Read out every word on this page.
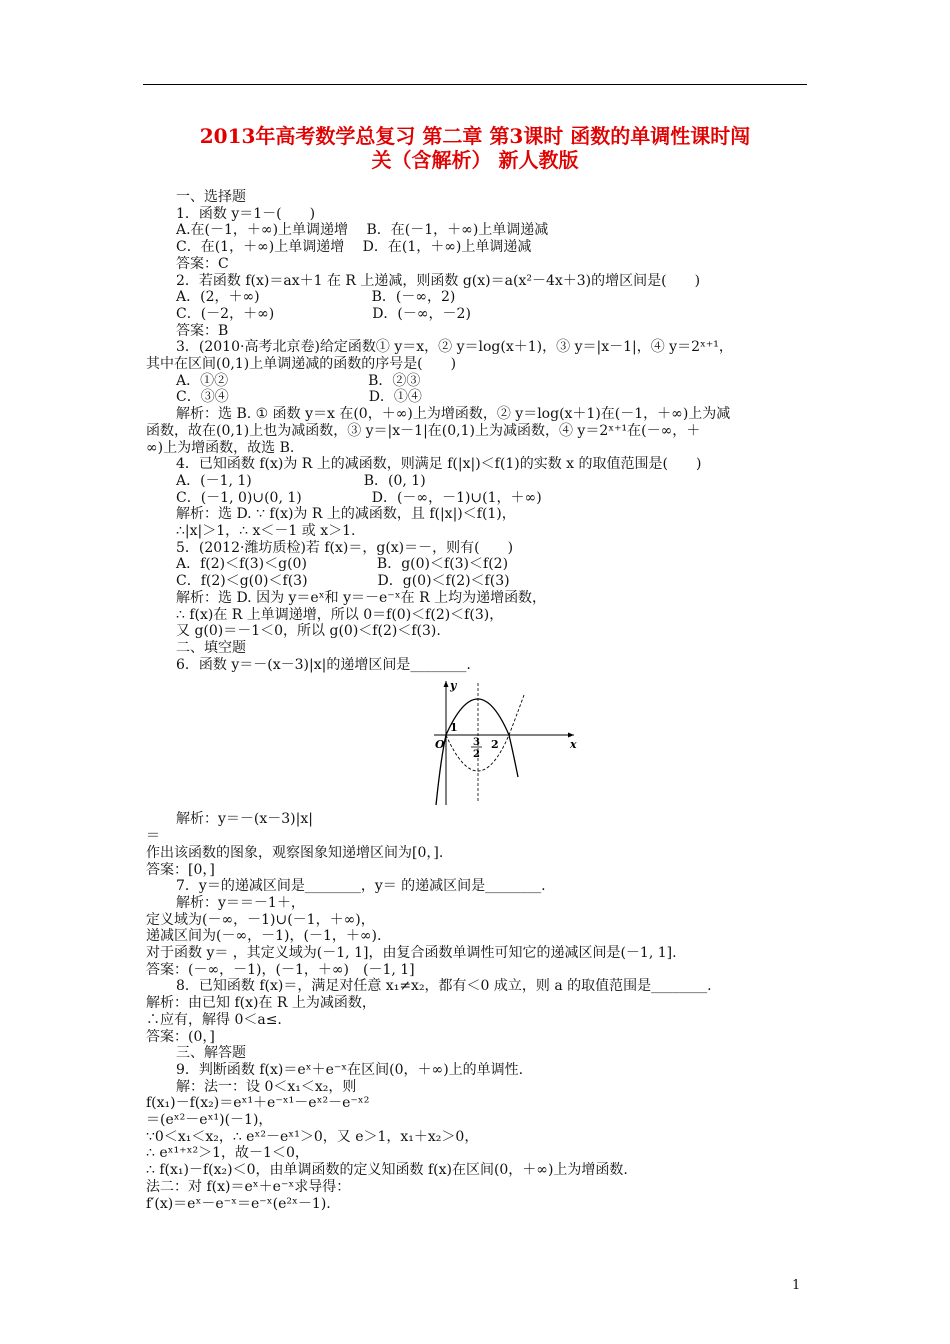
2013年高考数学总复习 第二章 第3课时 函数的单调性课时闯
关（含解析） 新人教版
一、选择题
1．函数 y＝1－(　　)
A.在(－1，＋∞)上单调递增　 B．在(－1，＋∞)上单调递减
C．在(1，＋∞)上单调递增　 D．在(1，＋∞)上单调递减
答案：C
2．若函数 f(x)＝ax＋1 在 R 上递减，则函数 g(x)＝a(x²－4x＋3)的增区间是(　　)
A．(2，＋∞)　　　　　　　　B．(－∞，2)
C．(－2，＋∞)　　　　　　　D．(－∞，－2)
答案：B
3．(2010·高考北京卷)给定函数① y＝x，② y＝log(x＋1)，③ y＝|x－1|，④ y＝2ˣ⁺¹，
其中在区间(0,1)上单调递减的函数的序号是(　　)
A．①②　　　　　　　　　　B．②③
C．③④　　　　　　　　　　D．①④
解析：选 B. ① 函数 y＝x 在(0，＋∞)上为增函数，② y＝log(x＋1)在(－1，＋∞)上为减
函数，故在(0,1)上也为减函数，③ y＝|x－1|在(0,1)上为减函数，④ y＝2ˣ⁺¹在(－∞，＋
∞)上为增函数，故选 B.
4．已知函数 f(x)为 R 上的减函数，则满足 f(|x|)＜f(1)的实数 x 的取值范围是(　　)
A．(－1, 1)　　　　　　　　B．(0, 1)
C．(－1, 0)∪(0, 1)　　　　　D．(－∞，－1)∪(1，＋∞)
解析：选 D. ∵ f(x)为 R 上的减函数，且 f(|x|)＜f(1)，
∴|x|＞1，∴ x＜－1 或 x＞1.
5．(2012·潍坊质检)若 f(x)＝，g(x)＝－，则有(　　)
A．f(2)＜f(3)＜g(0)　　　　　B．g(0)＜f(3)＜f(2)
C．f(2)＜g(0)＜f(3)　　　　　D．g(0)＜f(2)＜f(3)
解析：选 D. 因为 y＝eˣ和 y＝－e⁻ˣ在 R 上均为递增函数，
∴ f(x)在 R 上单调递增，所以 0＝f(0)＜f(2)＜f(3)，
又 g(0)＝－1＜0，所以 g(0)＜f(2)＜f(3).
二、填空题
6．函数 y＝－(x－3)|x|的递增区间是________.
y
x
O
1
2
3
2
解析：y＝－(x－3)|x|
＝
作出该函数的图象，观察图象知递增区间为[0，].
答案：[0，]
7．y＝的递减区间是________，y＝ 的递减区间是________.
解析：y＝＝－1＋，
定义域为(－∞，－1)∪(－1，＋∞)，
递减区间为(－∞，－1)，(－1，＋∞).
对于函数 y＝ ，其定义域为(－1, 1]，由复合函数单调性可知它的递减区间是(－1, 1].
答案：(－∞，－1)，(－1，＋∞)　(－1, 1]
8．已知函数 f(x)＝，满足对任意 x₁≠x₂，都有＜0 成立，则 a 的取值范围是________.
解析：由已知 f(x)在 R 上为减函数，
∴应有，解得 0＜a≤.
答案：(0，]
三、解答题
9．判断函数 f(x)＝eˣ＋e⁻ˣ在区间(0，＋∞)上的单调性.
解：法一：设 0＜x₁＜x₂，则
f(x₁)－f(x₂)＝eˣ¹＋e⁻ˣ¹－eˣ²－e⁻ˣ²
＝(eˣ²－eˣ¹)(－1)，
∵0＜x₁＜x₂，∴ eˣ²－eˣ¹＞0，又 e＞1，x₁＋x₂＞0，
∴ eˣ¹⁺ˣ²＞1，故－1＜0，
∴ f(x₁)－f(x₂)＜0，由单调函数的定义知函数 f(x)在区间(0，＋∞)上为增函数.
法二：对 f(x)＝eˣ＋e⁻ˣ求导得：
f′(x)＝eˣ－e⁻ˣ＝e⁻ˣ(e²ˣ－1).
1
